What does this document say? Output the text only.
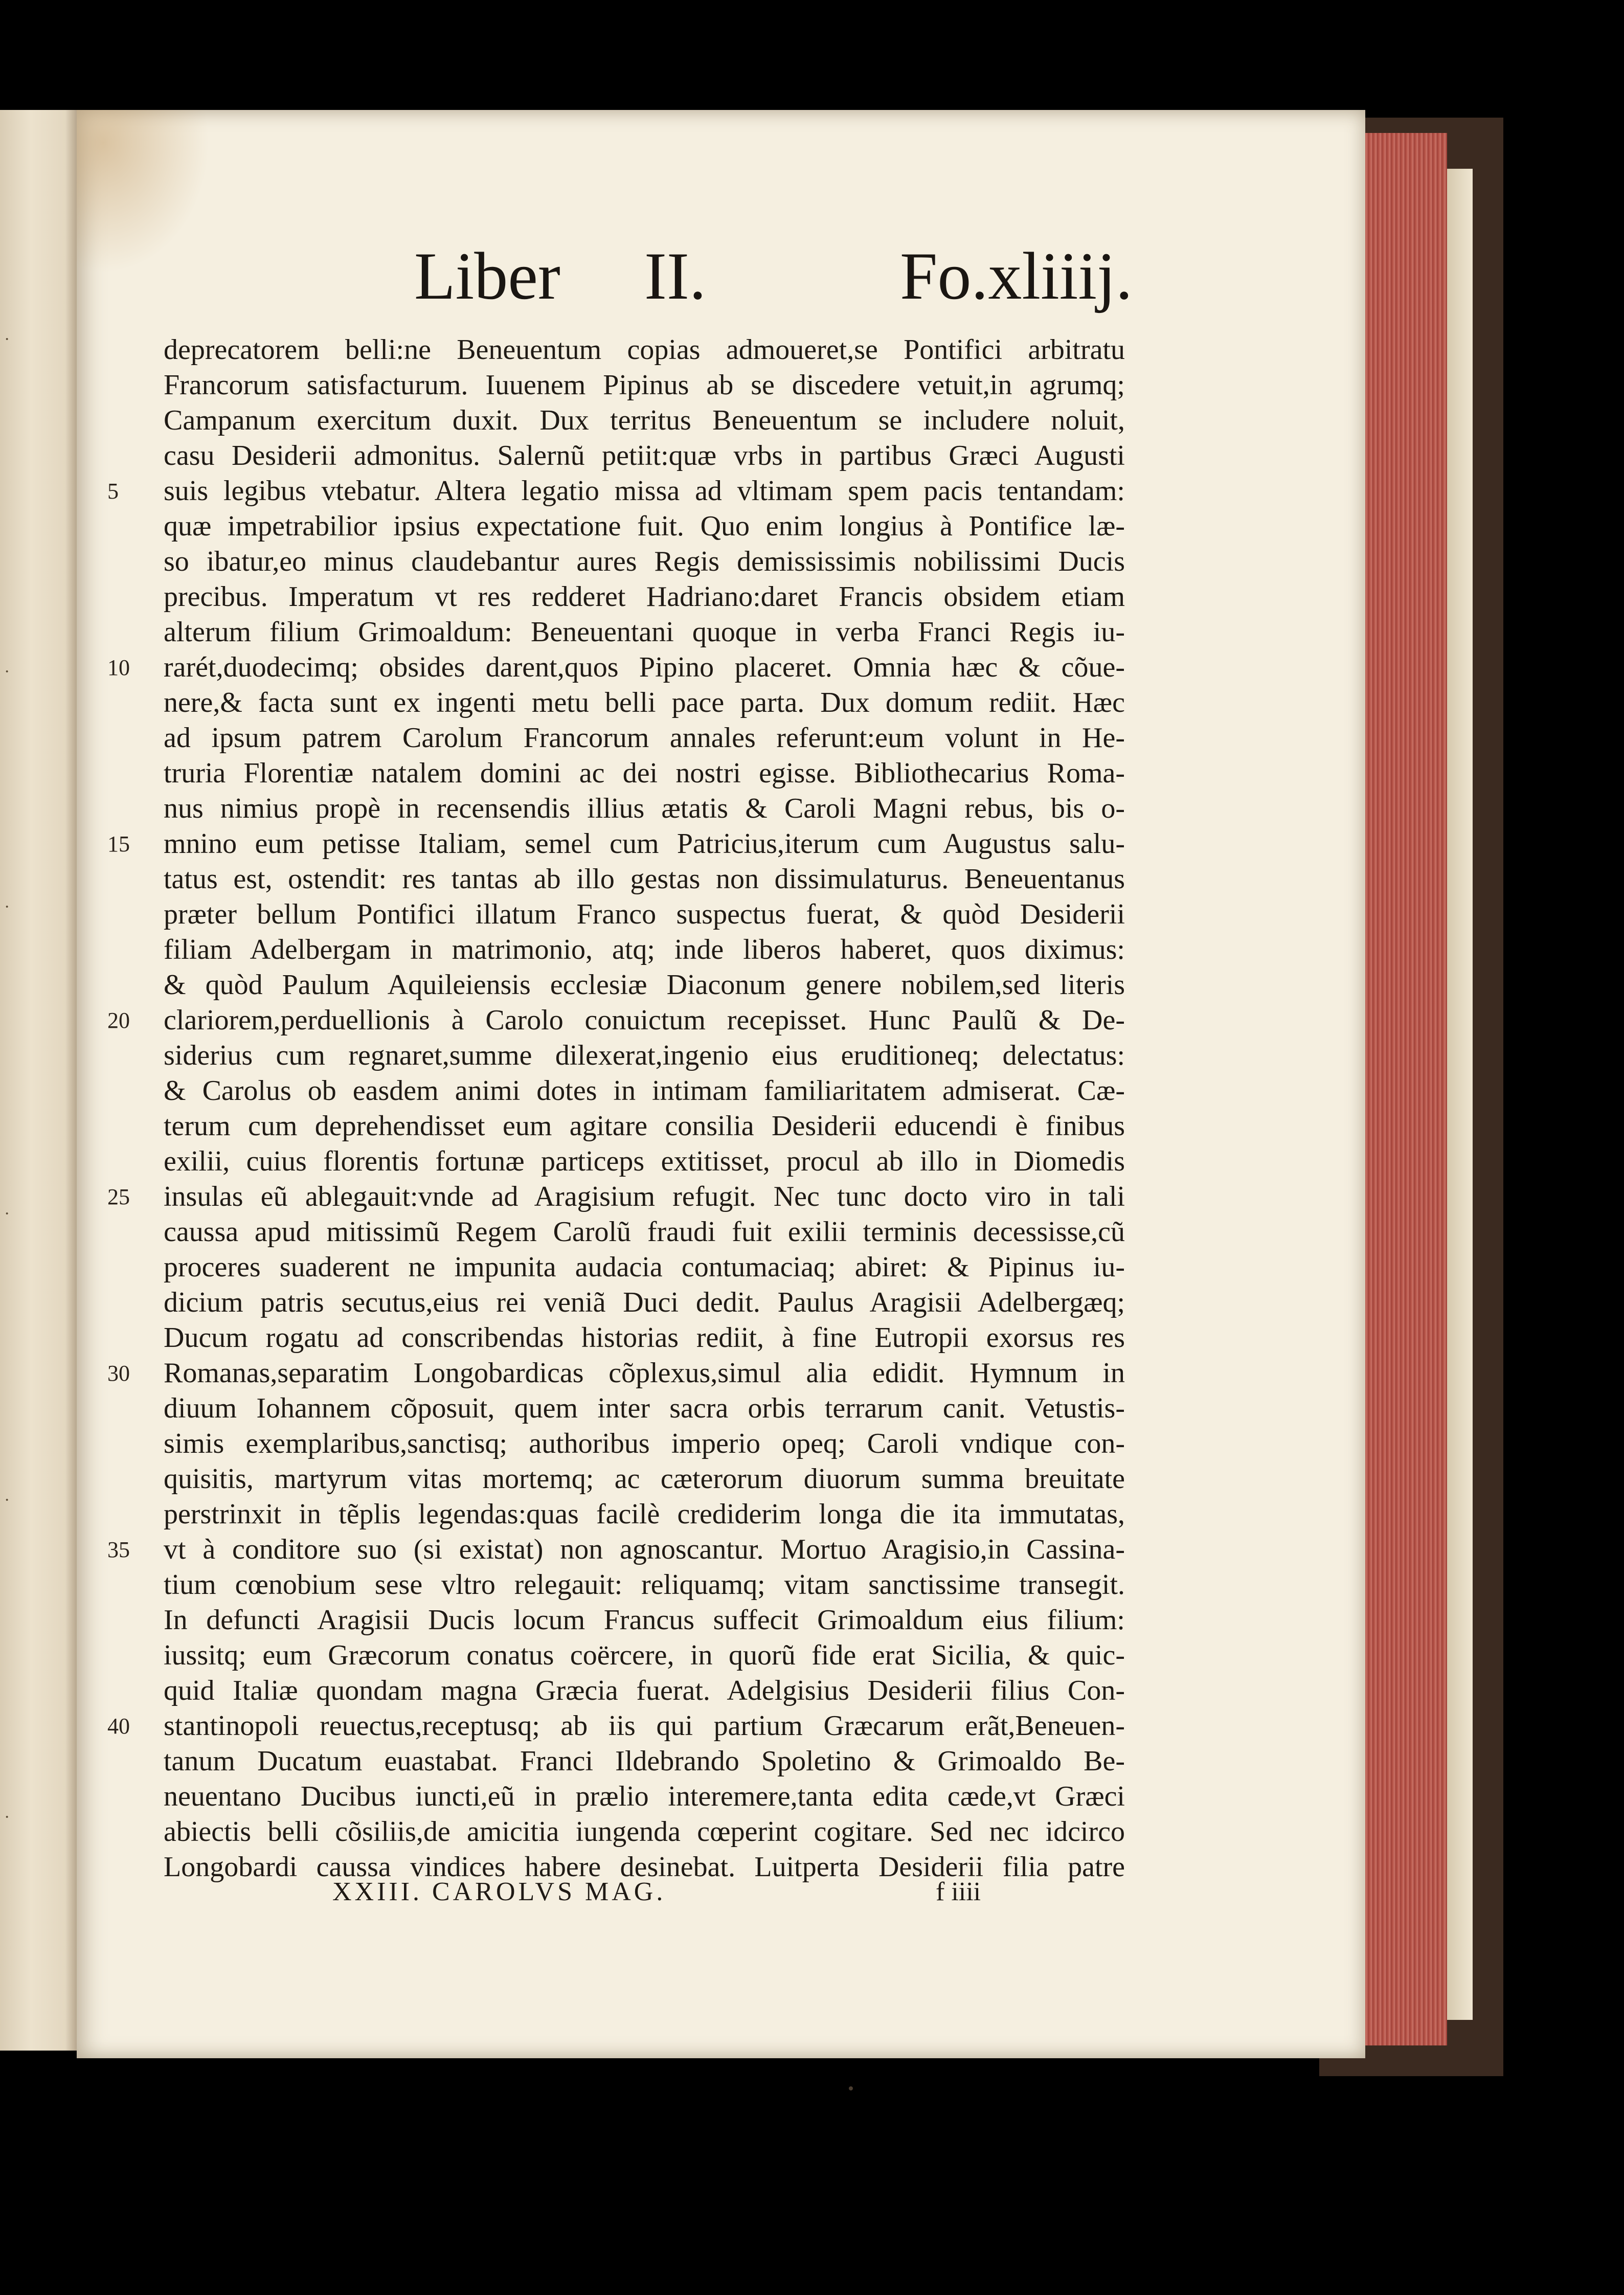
·
·
·
·
·
·
Liber II.	Fo.xliiij.
deprecatorem belli:ne Beneuentum copias admoueret,se Pontifici arbitratu
Francorum satisfacturum. Iuuenem Pipinus ab se discedere vetuit,in agrumq;
Campanum exercitum duxit. Dux territus Beneuentum se includere noluit,
casu Desiderii admonitus. Salernũ petiit:quæ vrbs in partibus Græci Augusti
suis legibus vtebatur. Altera legatio missa ad vltimam spem pacis tentandam:
5
quæ impetrabilior ipsius expectatione fuit. Quo enim longius à Pontifice læ-
so ibatur,eo minus claudebantur aures Regis demississimis nobilissimi Ducis
precibus. Imperatum vt res redderet Hadriano:daret Francis obsidem etiam
alterum filium Grimoaldum: Beneuentani quoque in verba Franci Regis iu-
rarét,duodecimq; obsides darent,quos Pipino placeret. Omnia hæc & cõue-
10
nere,& facta sunt ex ingenti metu belli pace parta. Dux domum rediit. Hæc
ad ipsum patrem Carolum Francorum annales referunt:eum volunt in He-
truria Florentiæ natalem domini ac dei nostri egisse. Bibliothecarius Roma-
nus nimius propè in recensendis illius ætatis & Caroli Magni rebus, bis o-
mnino eum petisse Italiam, semel cum Patricius,iterum cum Augustus salu-
15
tatus est, ostendit: res tantas ab illo gestas non dissimulaturus. Beneuentanus
præter bellum Pontifici illatum Franco suspectus fuerat, & quòd Desiderii
filiam Adelbergam in matrimonio, atq; inde liberos haberet, quos diximus:
& quòd Paulum Aquileiensis ecclesiæ Diaconum genere nobilem,sed literis
clariorem,perduellionis à Carolo conuictum recepisset. Hunc Paulũ & De-
20
siderius cum regnaret,summe dilexerat,ingenio eius eruditioneq; delectatus:
& Carolus ob easdem animi dotes in intimam familiaritatem admiserat. Cæ-
terum cum deprehendisset eum agitare consilia Desiderii educendi è finibus
exilii, cuius florentis fortunæ particeps extitisset, procul ab illo in Diomedis
insulas eũ ablegauit:vnde ad Aragisium refugit. Nec tunc docto viro in tali
25
caussa apud mitissimũ Regem Carolũ fraudi fuit exilii terminis decessisse,cũ
proceres suaderent ne impunita audacia contumaciaq; abiret: & Pipinus iu-
dicium patris secutus,eius rei veniã Duci dedit. Paulus Aragisii Adelbergæq;
Ducum rogatu ad conscribendas historias rediit, à fine Eutropii exorsus res
Romanas,separatim Longobardicas cõplexus,simul alia edidit. Hymnum in
30
diuum Iohannem cõposuit, quem inter sacra orbis terrarum canit. Vetustis-
simis exemplaribus,sanctisq; authoribus imperio opeq; Caroli vndique con-
quisitis, martyrum vitas mortemq; ac cæterorum diuorum summa breuitate
perstrinxit in tẽplis legendas:quas facilè crediderim longa die ita immutatas,
vt à conditore suo (si existat) non agnoscantur. Mortuo Aragisio,in Cassina-
35
tium cœnobium sese vltro relegauit: reliquamq; vitam sanctissime transegit.
In defuncti Aragisii Ducis locum Francus suffecit Grimoaldum eius filium:
iussitq; eum Græcorum conatus coërcere, in quorũ fide erat Sicilia, & quic-
quid Italiæ quondam magna Græcia fuerat. Adelgisius Desiderii filius Con-
stantinopoli reuectus,receptusq; ab iis qui partium Græcarum erãt,Beneuen-
40
tanum Ducatum euastabat. Franci Ildebrando Spoletino & Grimoaldo Be-
neuentano Ducibus iuncti,eũ in prælio interemere,tanta edita cæde,vt Græci
abiectis belli cõsiliis,de amicitia iungenda cœperint cogitare. Sed nec idcirco
Longobardi caussa vindices habere desinebat. Luitperta Desiderii filia patre
XXIII. CAROLVS MAG.	f iiii
